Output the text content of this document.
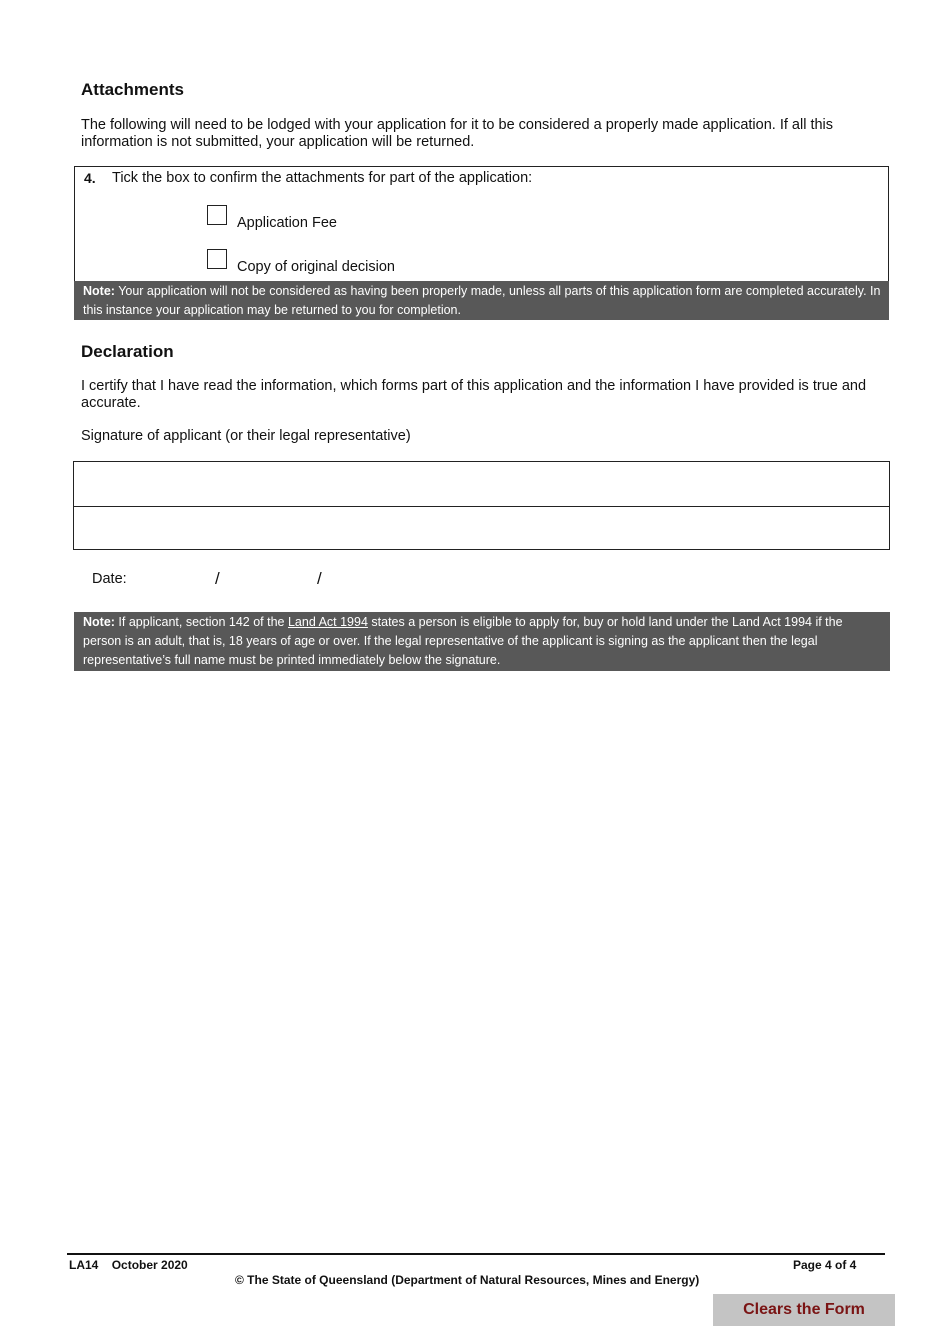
Attachments
The following will need to be lodged with your application for it to be considered a properly made application. If all this information is not submitted, your application will be returned.
4. Tick the box to confirm the attachments for part of the application:
Application Fee
Copy of original decision
Note: Your application will not be considered as having been properly made, unless all parts of this application form are completed accurately. In this instance your application may be returned to you for completion.
Declaration
I certify that I have read the information, which forms part of this application and the information I have provided is true and accurate.
Signature of applicant (or their legal representative)
Date:	/	/
Note: If applicant, section 142 of the Land Act 1994 states a person is eligible to apply for, buy or hold land under the Land Act 1994 if the person is an adult, that is, 18 years of age or over. If the legal representative of the applicant is signing as the applicant then the legal representative’s full name must be printed immediately below the signature.
LA14 October 2020	Page 4 of 4
© The State of Queensland (Department of Natural Resources, Mines and Energy)
Clears the Form
